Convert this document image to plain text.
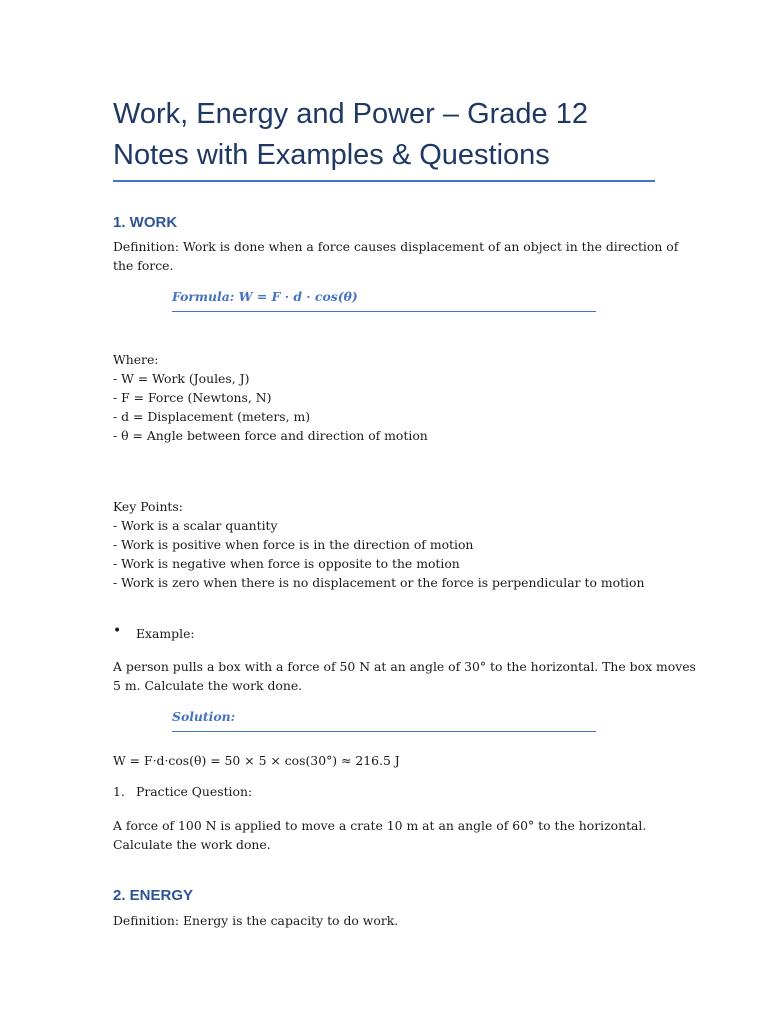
Work, Energy and Power – Grade 12
Notes with Examples & Questions
1. WORK

Definition: Work is done when a force causes displacement of an object in the direction of
the force.

Formula: W = F · d · cos(θ)

Where:
- W = Work (Joules, J)
- F = Force (Newtons, N)
- d = Displacement (meters, m)
- θ = Angle between force and direction of motion

Key Points:
- Work is a scalar quantity
- Work is positive when force is in the direction of motion
- Work is negative when force is opposite to the motion
- Work is zero when there is no displacement or the force is perpendicular to motion

• Example:

A person pulls a box with a force of 50 N at an angle of 30° to the horizontal. The box moves
5 m. Calculate the work done.

Solution:

W = F·d·cos(θ) = 50 × 5 × cos(30°) ≈ 216.5 J

1. Practice Question:

A force of 100 N is applied to move a crate 10 m at an angle of 60° to the horizontal.
Calculate the work done.

2. ENERGY

Definition: Energy is the capacity to do work.
